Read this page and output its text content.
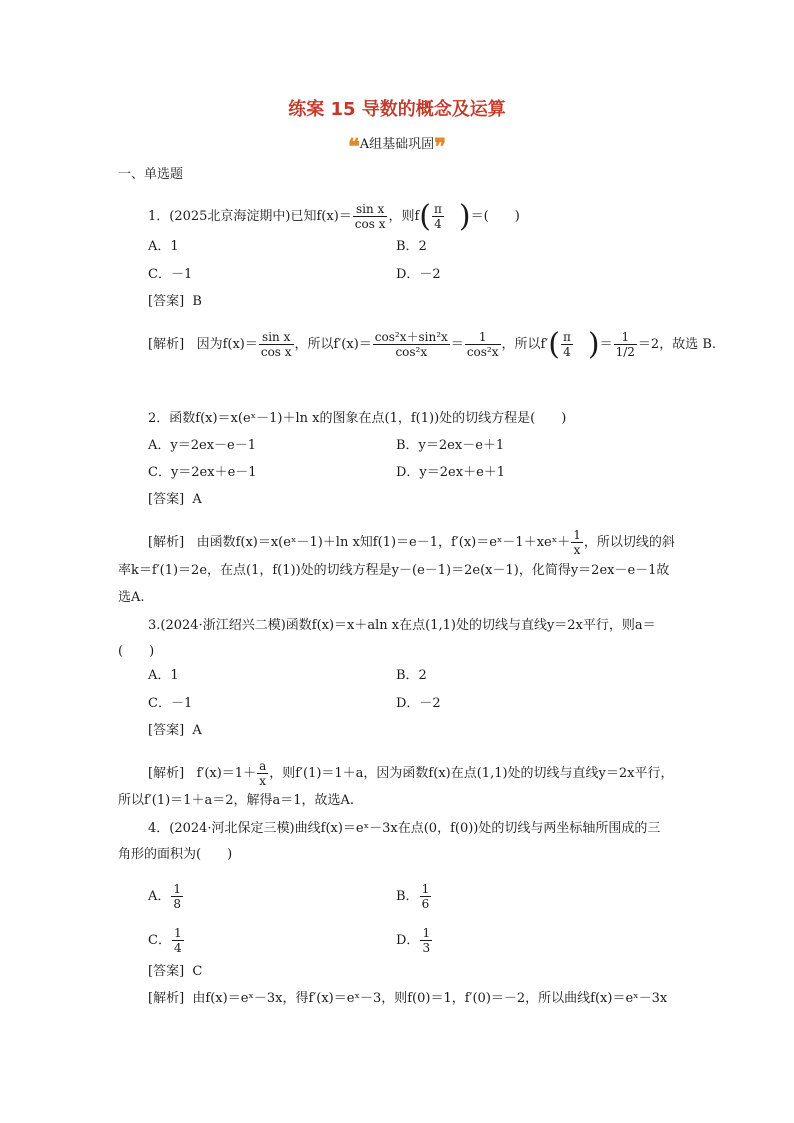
练案 15 导数的概念及运算
❝A组基础巩固❞
一、单选题
1．(2025北京海淀期中)已知$f(x)= \frac{\text{sin x}}{\text{cos x}}$ ，则$f( \frac{\pi}{4}$ )＝(　　)
A．1	B．2
C．－1	D．－2
[答案] B
[解析] 因为$f(x)= \frac{\text{sin x}}{\text{cos x}}$ ，所以$f'(x)= \frac{\text{cos²x＋sin²x}}{\text{cos²x}} = \frac{1}{\text{cos²x}}$ ，所以$f'( \frac{\pi}{4}$ )＝ $\frac{1}{1/2} =2$，故选 B.
2．函数f(x)＝x(eˣ－1)＋ln x的图象在点(1，f(1))处的切线方程是(　　)
A．y＝2ex－e－1	B．y＝2ex－e＋1
C．y＝2ex＋e－1	D．y＝2ex＋e＋1
[答案] A
[解析] 由函数f(x)＝x(eˣ－1)＋ln x知f(1)＝e－1，f′(x)＝eˣ－1＋xeˣ＋ $\frac{1}{x}$ ，所以切线的斜
率k＝f′(1)＝2e，在点(1，f(1))处的切线方程是y－(e－1)＝2e(x－1)，化简得y＝2ex－e－1故
选A.
3.(2024·浙江绍兴二模)函数f(x)＝x＋aln x在点(1,1)处的切线与直线y＝2x平行，则a＝
(　　)
A．1	B．2
C．－1	D．－2
[答案] A
[解析] $f'(x)=1+ \frac{a}{x}$ ，则f′(1)＝1＋a，因为函数f(x)在点(1,1)处的切线与直线y＝2x平行，
所以f′(1)＝1＋a＝2，解得a＝1，故选A.
4．(2024·河北保定三模)曲线f(x)＝eˣ－3x在点(0，f(0))处的切线与两坐标轴所围成的三
角形的面积为(　　)
A． $\frac{1}{8}$	B． $\frac{1}{6}$
C． $\frac{1}{4}$	D． $\frac{1}{3}$
[答案] C
[解析] 由f(x)＝eˣ－3x，得f′(x)＝eˣ－3，则f(0)＝1，f′(0)＝－2，所以曲线f(x)＝eˣ－3x
